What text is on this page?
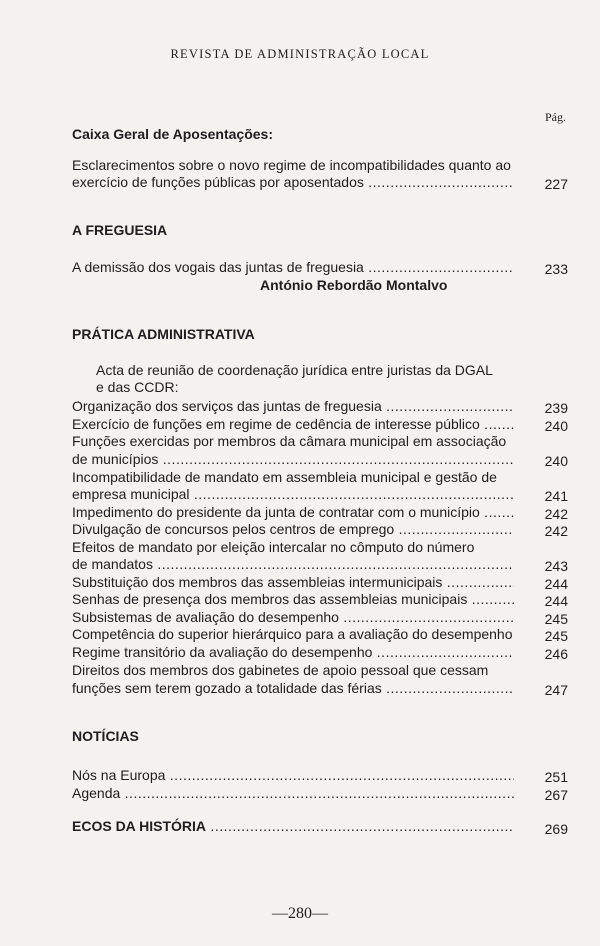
REVISTA DE ADMINISTRAÇÃO LOCAL
Pág.
Caixa Geral de Aposentações:
Esclarecimentos sobre o novo regime de incompatibilidades quanto ao
exercício de funções públicas por aposentados .....	227
A FREGUESIA
A demissão dos vogais das juntas de freguesia .....	233
António Rebordão Montalvo
PRÁTICA ADMINISTRATIVA
Acta de reunião de coordenação jurídica entre juristas da DGAL
e das CCDR:
Organização dos serviços das juntas de freguesia .....	239
Exercício de funções em regime de cedência de interesse público .....	240
Funções exercidas por membros da câmara municipal em associação
de municípios .....	240
Incompatibilidade de mandato em assembleia municipal e gestão de
empresa municipal .....	241
Impedimento do presidente da junta de contratar com o município .....	242
Divulgação de concursos pelos centros de emprego .....	242
Efeitos de mandato por eleição intercalar no cômputo do número
de mandatos .....	243
Substituição dos membros das assembleias intermunicipais .....	244
Senhas de presença dos membros das assembleias municipais .....	244
Subsistemas de avaliação do desempenho .....	245
Competência do superior hierárquico para a avaliação do desempenho .....	245
Regime transitório da avaliação do desempenho .....	246
Direitos dos membros dos gabinetes de apoio pessoal que cessam
funções sem terem gozado a totalidade das férias .....	247
NOTÍCIAS
Nós na Europa .....	251
Agenda .....	267
ECOS DA HISTÓRIA .....	269
—280—
